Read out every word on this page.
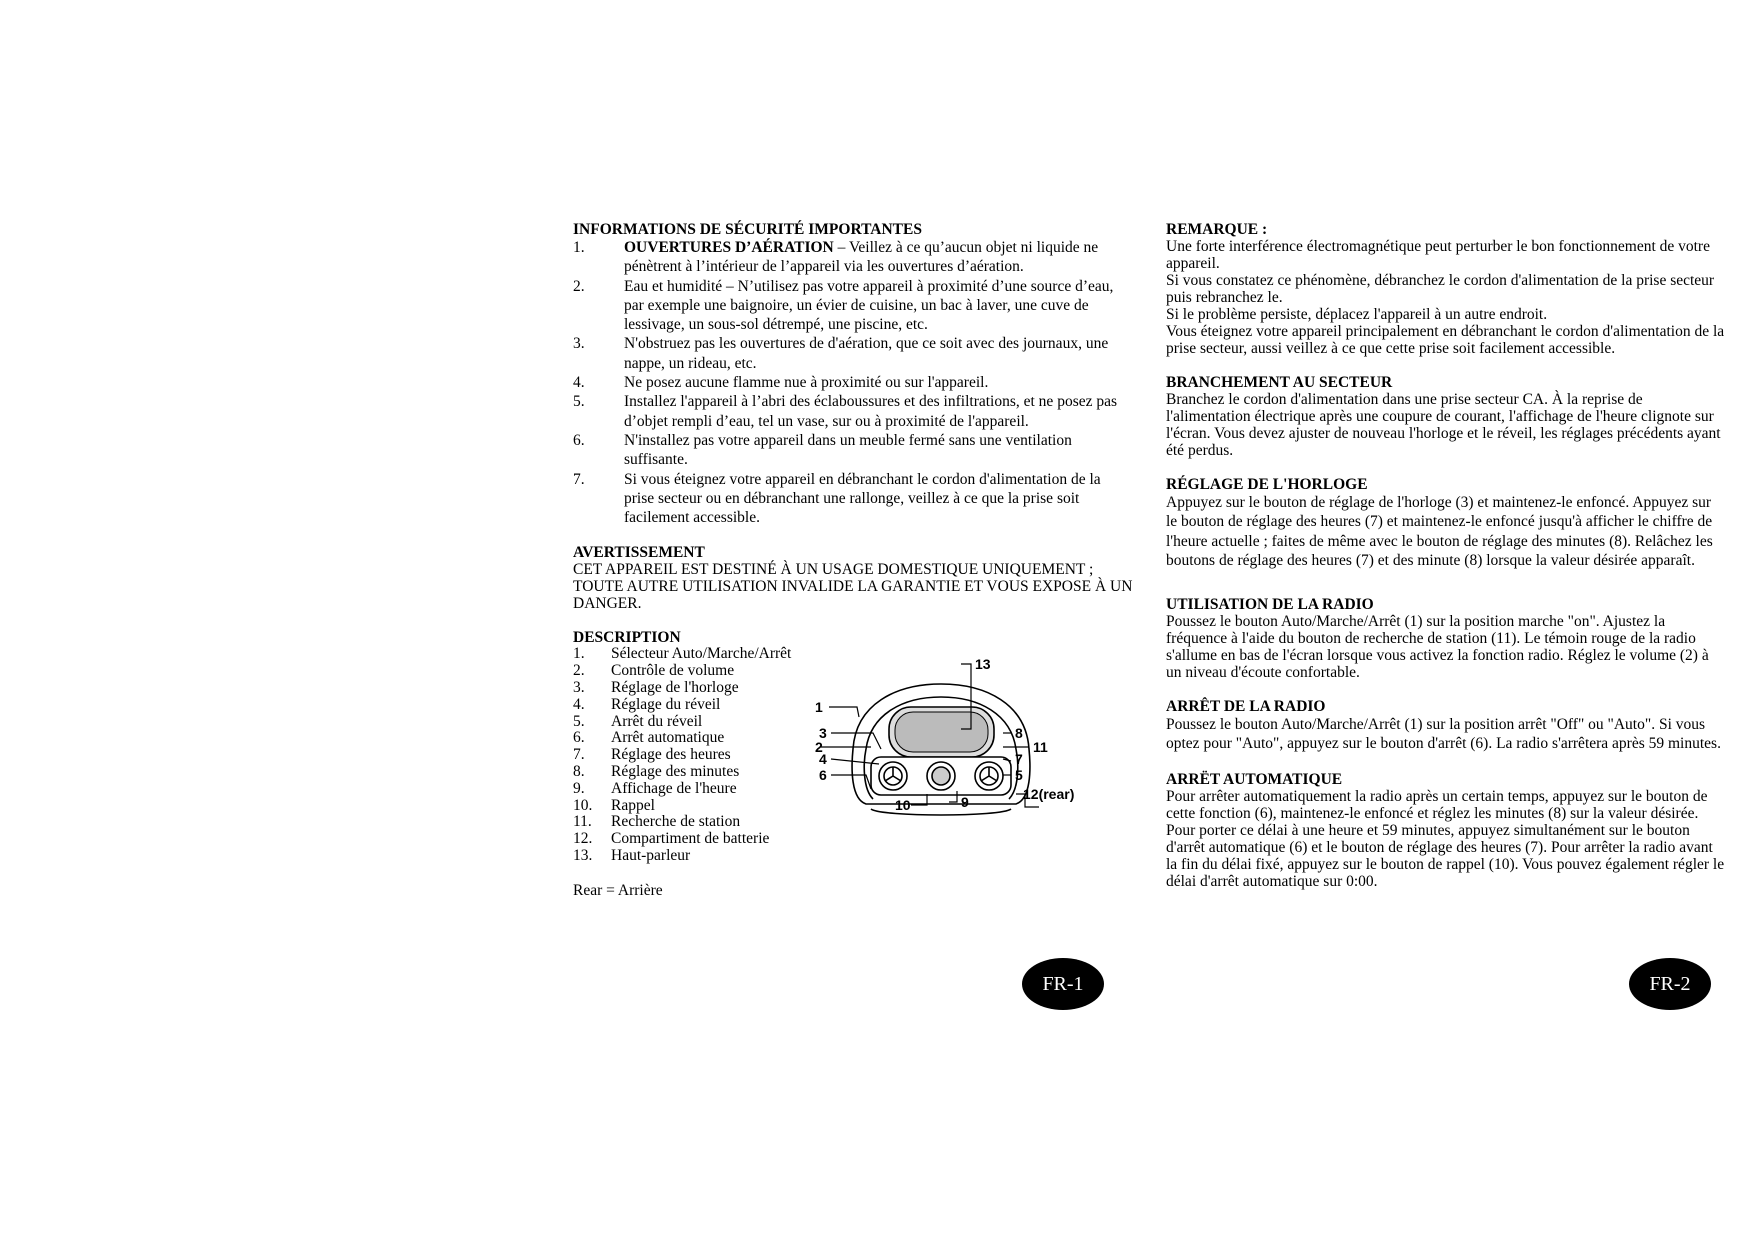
INFORMATIONS DE SÉCURITÉ IMPORTANTES
1.	OUVERTURES D’AÉRATION – Veillez à ce qu’aucun objet ni liquide ne pénètrent à l’intérieur de l’appareil via les ouvertures d’aération.
2.	Eau et humidité – N’utilisez pas votre appareil à proximité d’une source d’eau, par exemple une baignoire, un évier de cuisine, un bac à laver, une cuve de lessivage, un sous-sol détrempé, une piscine, etc.
3.	N'obstruez pas les ouvertures de d'aération, que ce soit avec des journaux, une nappe, un rideau, etc.
4.	Ne posez aucune flamme nue à proximité ou sur l'appareil.
5.	Installez l'appareil à l’abri des éclaboussures et des infiltrations, et ne posez pas d’objet rempli d’eau, tel un vase, sur ou à proximité de l'appareil.
6.	N'installez pas votre appareil dans un meuble fermé sans une ventilation suffisante.
7.	Si vous éteignez votre appareil en débranchant le cordon d'alimentation de la prise secteur ou en débranchant une rallonge, veillez à ce que la prise soit facilement accessible.
AVERTISSEMENT

CET APPAREIL EST DESTINÉ À UN USAGE DOMESTIQUE UNIQUEMENT ; TOUTE AUTRE UTILISATION INVALIDE LA GARANTIE ET VOUS EXPOSE À UN DANGER.

DESCRIPTION
1. Sélecteur Auto/Marche/Arrêt
2. Contrôle de volume
3. Réglage de l'horloge
4. Réglage du réveil
5. Arrêt du réveil
6. Arrêt automatique
7. Réglage des heures
8. Réglage des minutes
9. Affichage de l'heure
10. Rappel
11. Recherche de station
12. Compartiment de batterie
13. Haut-parleur

Rear = Arrière

1
2
3
4
5
6
7
8
9
10
11
12(rear)
13
REMARQUE :

Une forte interférence électromagnétique peut perturber le bon fonctionnement de votre appareil.

Si vous constatez ce phénomène, débranchez le cordon d'alimentation de la prise secteur puis rebranchez le.

Si le problème persiste, déplacez l'appareil à un autre endroit.

Vous éteignez votre appareil principalement en débranchant le cordon d'alimentation de la prise secteur, aussi veillez à ce que cette prise soit facilement accessible.

BRANCHEMENT AU SECTEUR

Branchez le cordon d'alimentation dans une prise secteur CA. À la reprise de l'alimentation électrique après une coupure de courant, l'affichage de l'heure clignote sur l'écran. Vous devez ajuster de nouveau l'horloge et le réveil, les réglages précédents ayant été perdus.

RÉGLAGE DE L'HORLOGE

Appuyez sur le bouton de réglage de l'horloge (3) et maintenez-le enfoncé. Appuyez sur le bouton de réglage des heures (7) et maintenez-le enfoncé jusqu'à afficher le chiffre de l'heure actuelle ; faites de même avec le bouton de réglage des minutes (8). Relâchez les boutons de réglage des heures (7) et des minute (8) lorsque la valeur désirée apparaît.

UTILISATION DE LA RADIO

Poussez le bouton Auto/Marche/Arrêt (1) sur la position marche "on". Ajustez la fréquence à l'aide du bouton de recherche de station (11). Le témoin rouge de la radio s'allume en bas de l'écran lorsque vous activez la fonction radio. Réglez le volume (2) à un niveau d'écoute confortable.

ARRÊT DE LA RADIO

Poussez le bouton Auto/Marche/Arrêt (1) sur la position arrêt "Off" ou "Auto". Si vous optez pour "Auto", appuyez sur le bouton d'arrêt (6). La radio s'arrêtera après 59 minutes.

ARRËT AUTOMATIQUE

Pour arrêter automatiquement la radio après un certain temps, appuyez sur le bouton de cette fonction (6), maintenez-le enfoncé et réglez les minutes (8) sur la valeur désirée. Pour porter ce délai à une heure et 59 minutes, appuyez simultanément sur le bouton d'arrêt automatique (6) et le bouton de réglage des heures (7). Pour arrêter la radio avant la fin du délai fixé, appuyez sur le bouton de rappel (10). Vous pouvez également régler le délai d'arrêt automatique sur 0:00.

FR-1	FR-2
